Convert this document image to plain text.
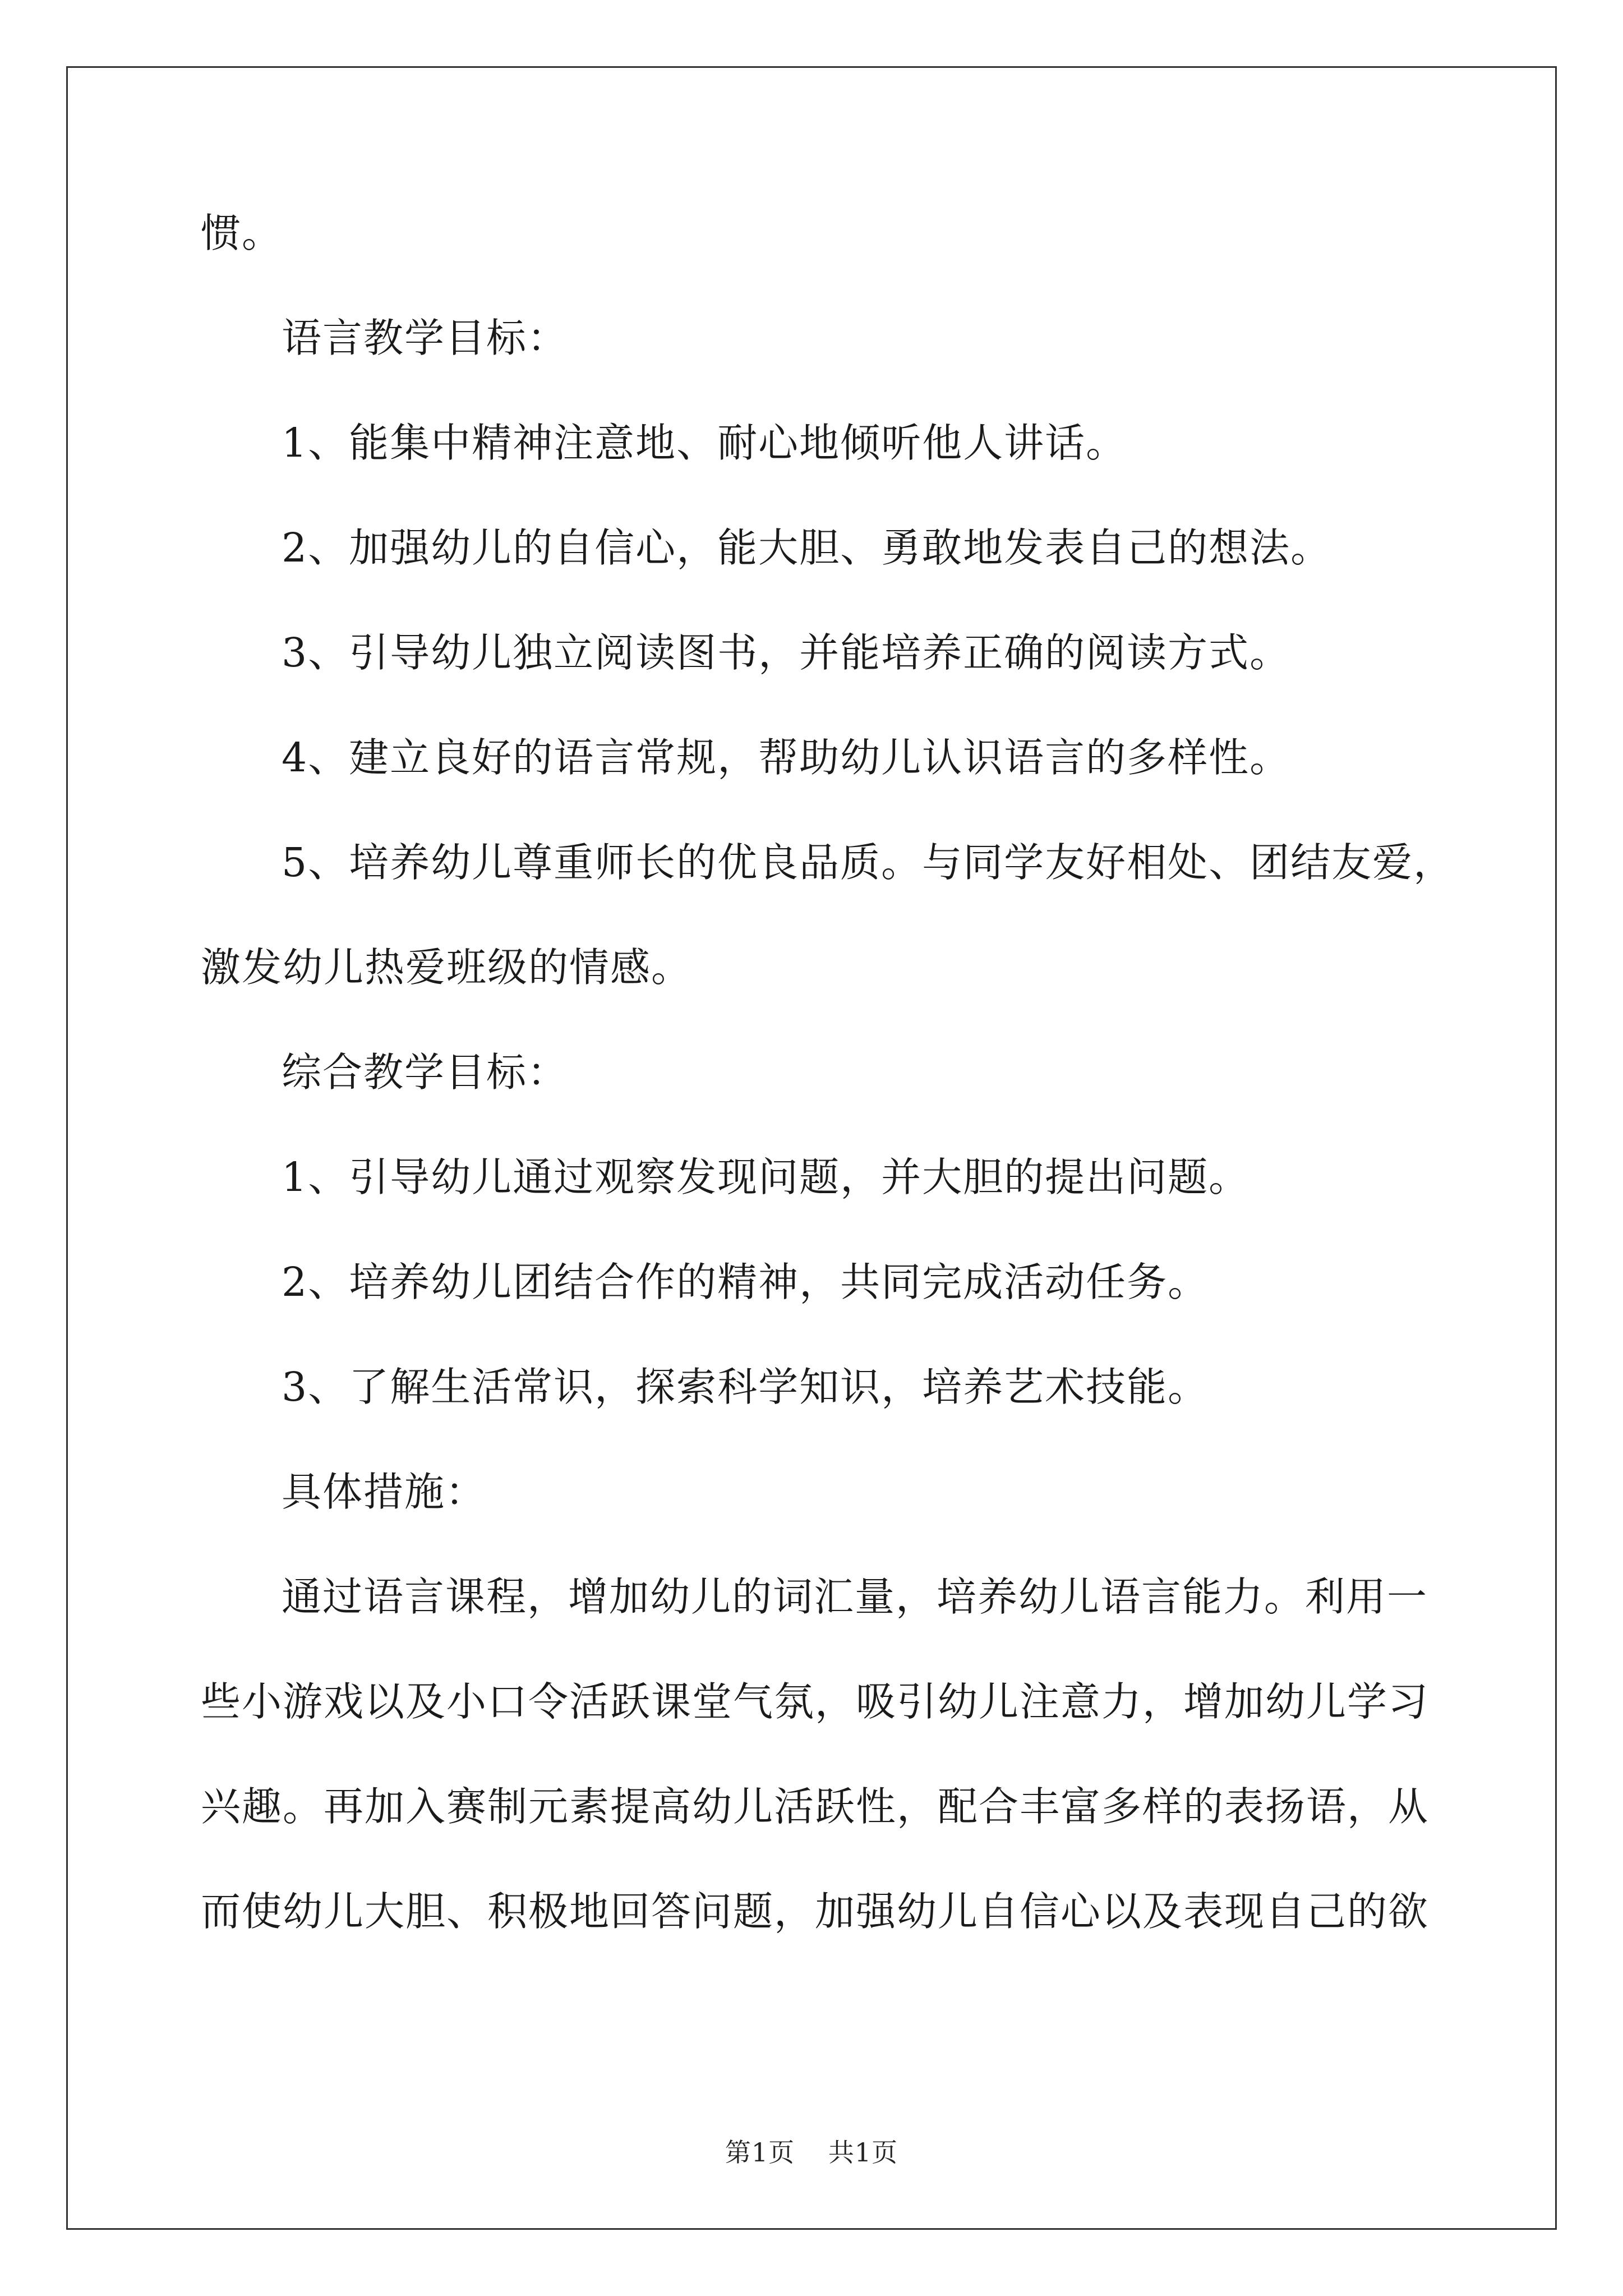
惯。
语言教学目标：
1、能集中精神注意地、耐心地倾听他人讲话。
2、加强幼儿的自信心，能大胆、勇敢地发表自己的想法。
3、引导幼儿独立阅读图书，并能培养正确的阅读方式。
4、建立良好的语言常规，帮助幼儿认识语言的多样性。
5、培养幼儿尊重师长的优良品质。与同学友好相处、团结友爱，
激发幼儿热爱班级的情感。
综合教学目标：
1、引导幼儿通过观察发现问题，并大胆的提出问题。
2、培养幼儿团结合作的精神，共同完成活动任务。
3、了解生活常识，探索科学知识，培养艺术技能。
具体措施：
通过语言课程，增加幼儿的词汇量，培养幼儿语言能力。利用一
些小游戏以及小口令活跃课堂气氛，吸引幼儿注意力，增加幼儿学习
兴趣。再加入赛制元素提高幼儿活跃性，配合丰富多样的表扬语，从
而使幼儿大胆、积极地回答问题，加强幼儿自信心以及表现自己的欲
第1页 共1页
